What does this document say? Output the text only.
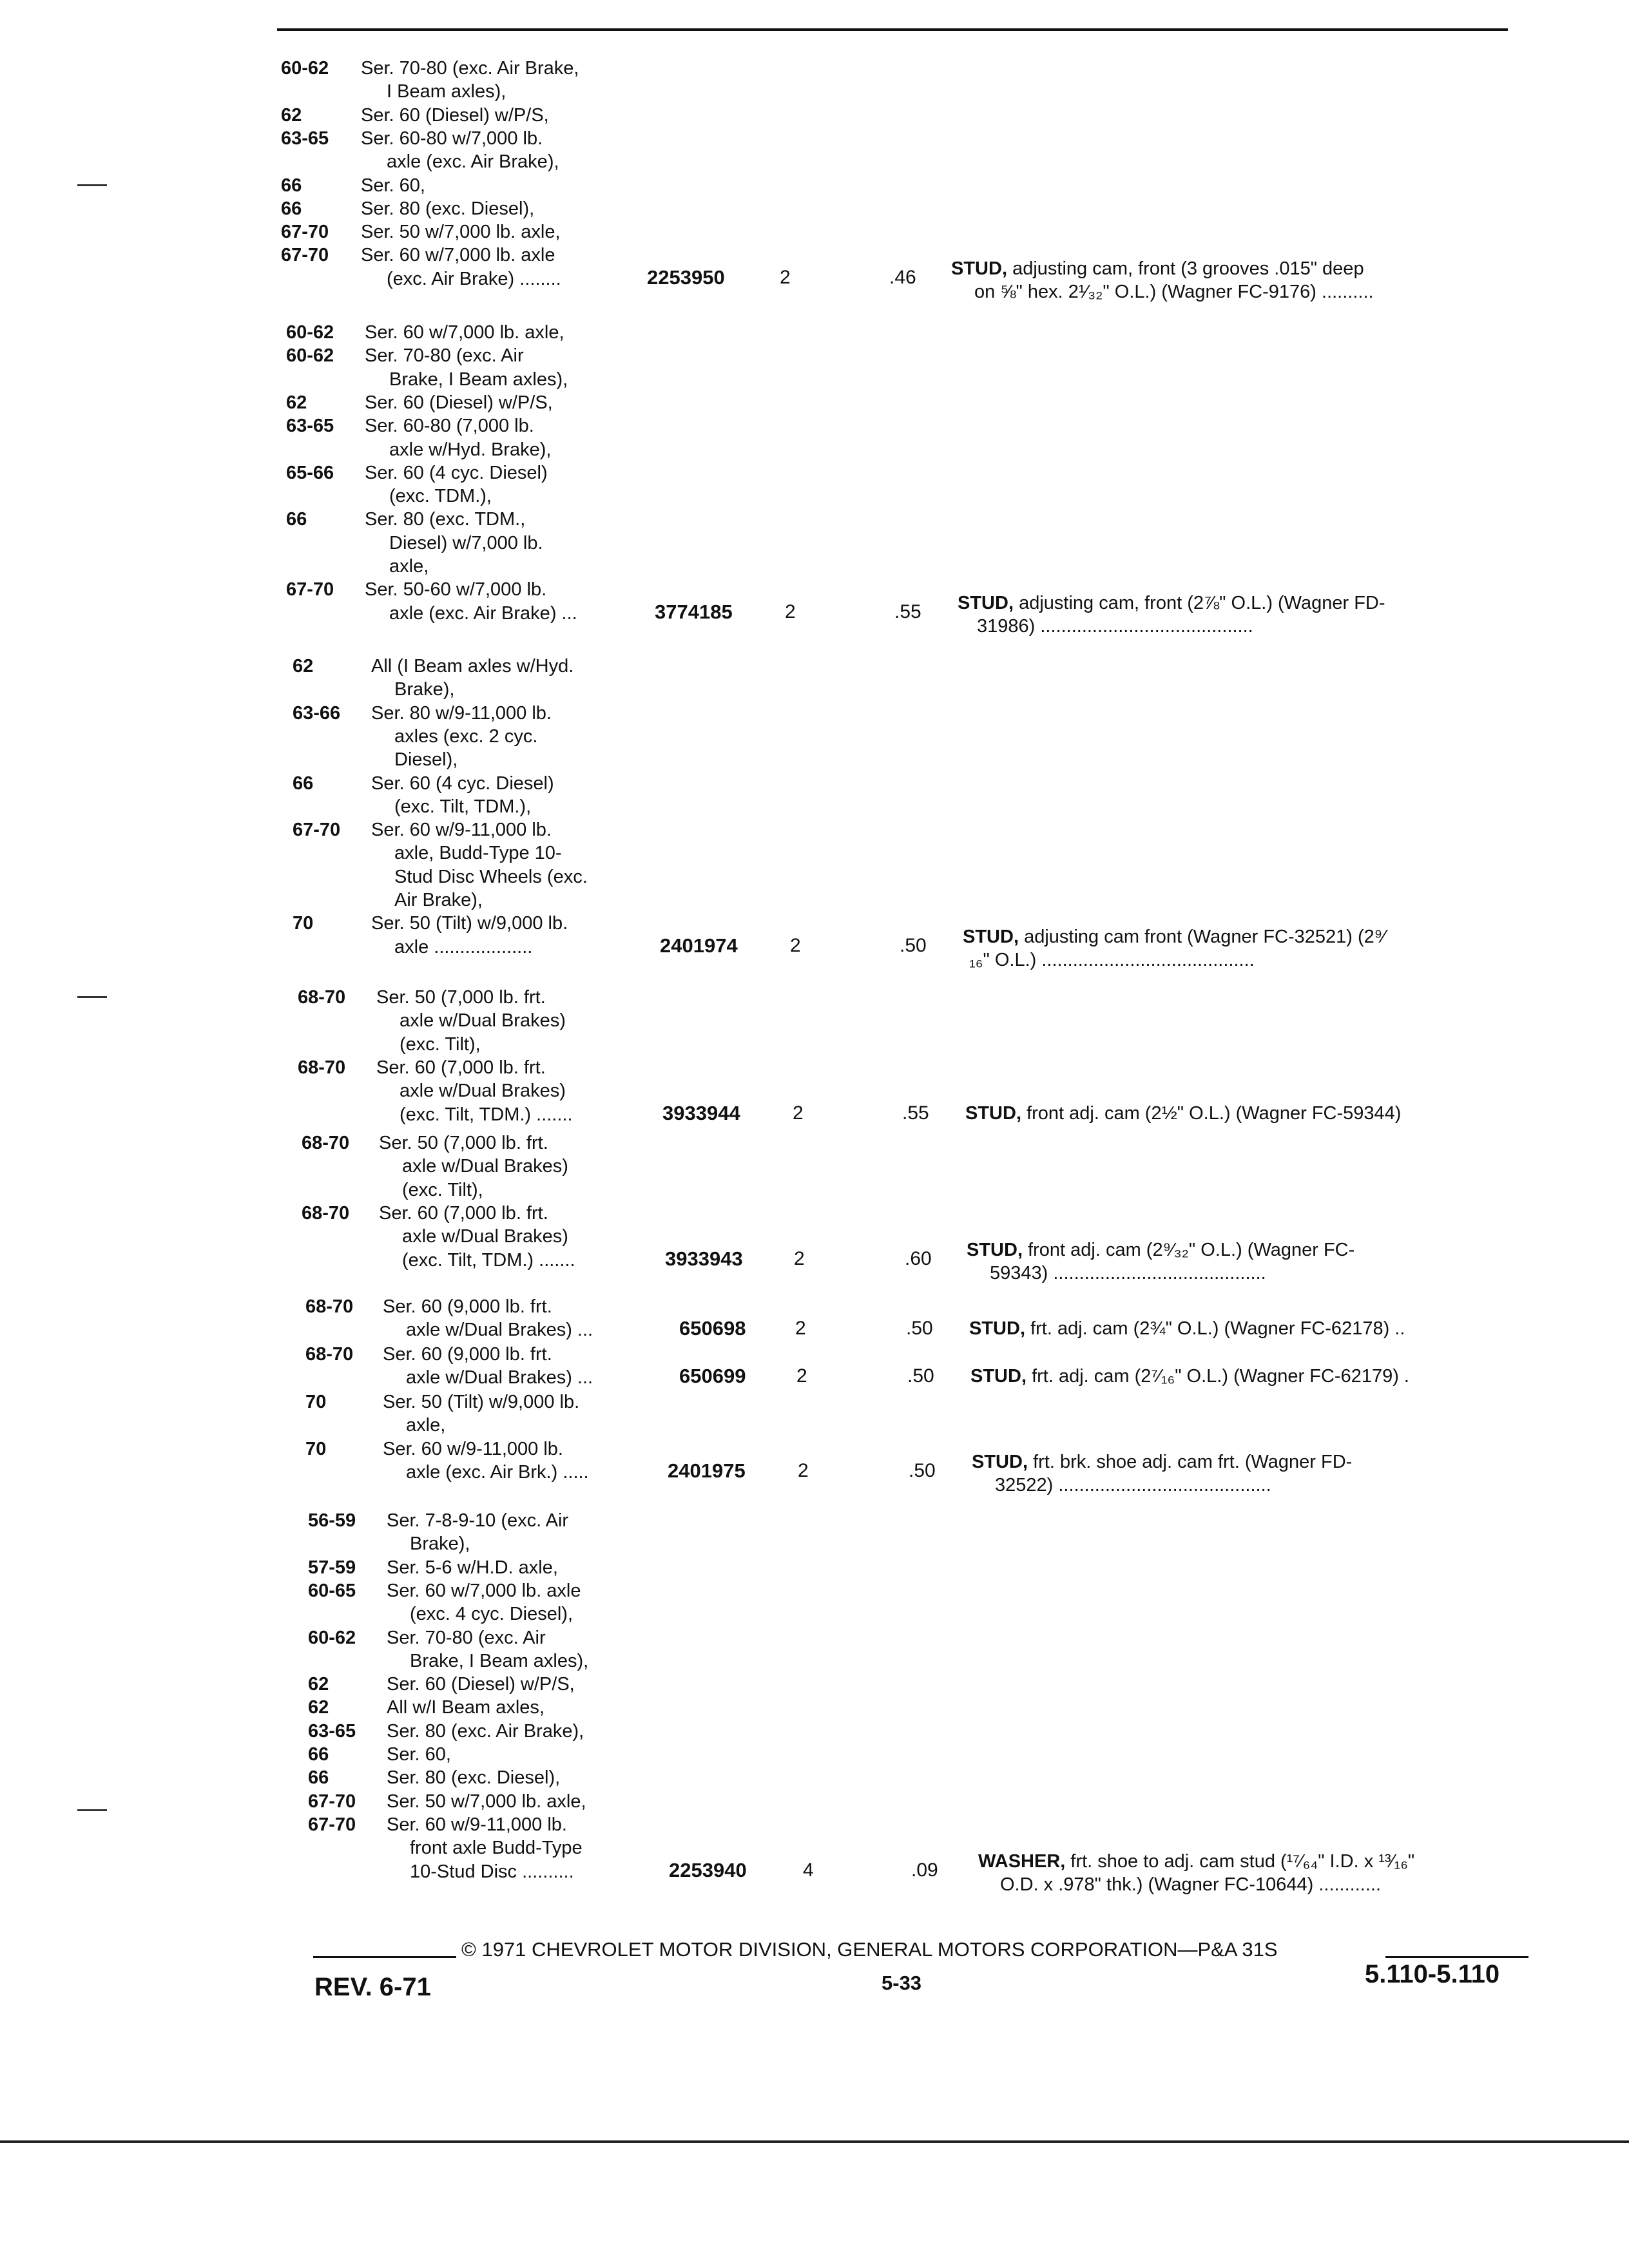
60-62 Ser. 70-80 (exc. Air Brake,
I Beam axles),
62	Ser. 60 (Diesel) w/P/S,
63-65 Ser. 60-80 w/7,000 lb.
axle (exc. Air Brake),
66	Ser. 60,
66	Ser. 80 (exc. Diesel),
67-70 Ser. 50 w/7,000 lb. axle,
67-70 Ser. 60 w/7,000 lb. axle
(exc. Air Brake) ........	2253950	2	.46 STUD, adjusting cam, front (3 grooves .015" deep
on ⅝" hex. 2¹⁄₃₂" O.L.) (Wagner FC-9176) ..........
60-62 Ser. 60 w/7,000 lb. axle,
60-62 Ser. 70-80 (exc. Air
Brake, I Beam axles),
62	Ser. 60 (Diesel) w/P/S,
63-65 Ser. 60-80 (7,000 lb.
axle w/Hyd. Brake),
65-66 Ser. 60 (4 cyc. Diesel)
(exc. TDM.),
66	Ser. 80 (exc. TDM.,
Diesel) w/7,000 lb.
axle,
67-70 Ser. 50-60 w/7,000 lb.
axle (exc. Air Brake) ...	3774185	2	.55 STUD, adjusting cam, front (2⅞" O.L.) (Wagner FD-
31986) .........................................
62	All (I Beam axles w/Hyd.
Brake),
63-66 Ser. 80 w/9-11,000 lb.
axles (exc. 2 cyc.
Diesel),
66	Ser. 60 (4 cyc. Diesel)
(exc. Tilt, TDM.),
67-70 Ser. 60 w/9-11,000 lb.
axle, Budd-Type 10-
Stud Disc Wheels (exc.
Air Brake),
70	Ser. 50 (Tilt) w/9,000 lb.
axle ...................	2401974	2	.50 STUD, adjusting cam front (Wagner FC-32521) (2⁹⁄
₁₆" O.L.) .........................................
68-70 Ser. 50 (7,000 lb. frt.
axle w/Dual Brakes)
(exc. Tilt),
68-70 Ser. 60 (7,000 lb. frt.
axle w/Dual Brakes)
(exc. Tilt, TDM.) .......	3933944	2	.55 STUD, front adj. cam (2½" O.L.) (Wagner FC-59344)
68-70 Ser. 50 (7,000 lb. frt.
axle w/Dual Brakes)
(exc. Tilt),
68-70 Ser. 60 (7,000 lb. frt.
axle w/Dual Brakes)
(exc. Tilt, TDM.) .......	3933943	2	.60 STUD, front adj. cam (2⁹⁄₃₂" O.L.) (Wagner FC-
59343) .........................................
68-70 Ser. 60 (9,000 lb. frt.
axle w/Dual Brakes) ...	650698	2	.50 STUD, frt. adj. cam (2¾" O.L.) (Wagner FC-62178) ..
68-70 Ser. 60 (9,000 lb. frt.
axle w/Dual Brakes) ...	650699	2	.50 STUD, frt. adj. cam (2⁷⁄₁₆" O.L.) (Wagner FC-62179) .
70	Ser. 50 (Tilt) w/9,000 lb.
axle,
70	Ser. 60 w/9-11,000 lb.
axle (exc. Air Brk.) .....	2401975	2	.50 STUD, frt. brk. shoe adj. cam frt. (Wagner FD-
32522) .........................................
56-59 Ser. 7-8-9-10 (exc. Air
Brake),
57-59 Ser. 5-6 w/H.D. axle,
60-65 Ser. 60 w/7,000 lb. axle
(exc. 4 cyc. Diesel),
60-62 Ser. 70-80 (exc. Air
Brake, I Beam axles),
62	Ser. 60 (Diesel) w/P/S,
62	All w/I Beam axles,
63-65 Ser. 80 (exc. Air Brake),
66	Ser. 60,
66	Ser. 80 (exc. Diesel),
67-70 Ser. 50 w/7,000 lb. axle,
67-70 Ser. 60 w/9-11,000 lb.
front axle Budd-Type
10-Stud Disc ..........	2253940	4	.09 WASHER, frt. shoe to adj. cam stud (¹⁷⁄₆₄" I.D. x ¹³⁄₁₆"
O.D. x .978" thk.) (Wagner FC-10644) ............
© 1971 CHEVROLET MOTOR DIVISION, GENERAL MOTORS CORPORATION—P&A 31S
REV. 6-71	5-33	5.110-5.110
